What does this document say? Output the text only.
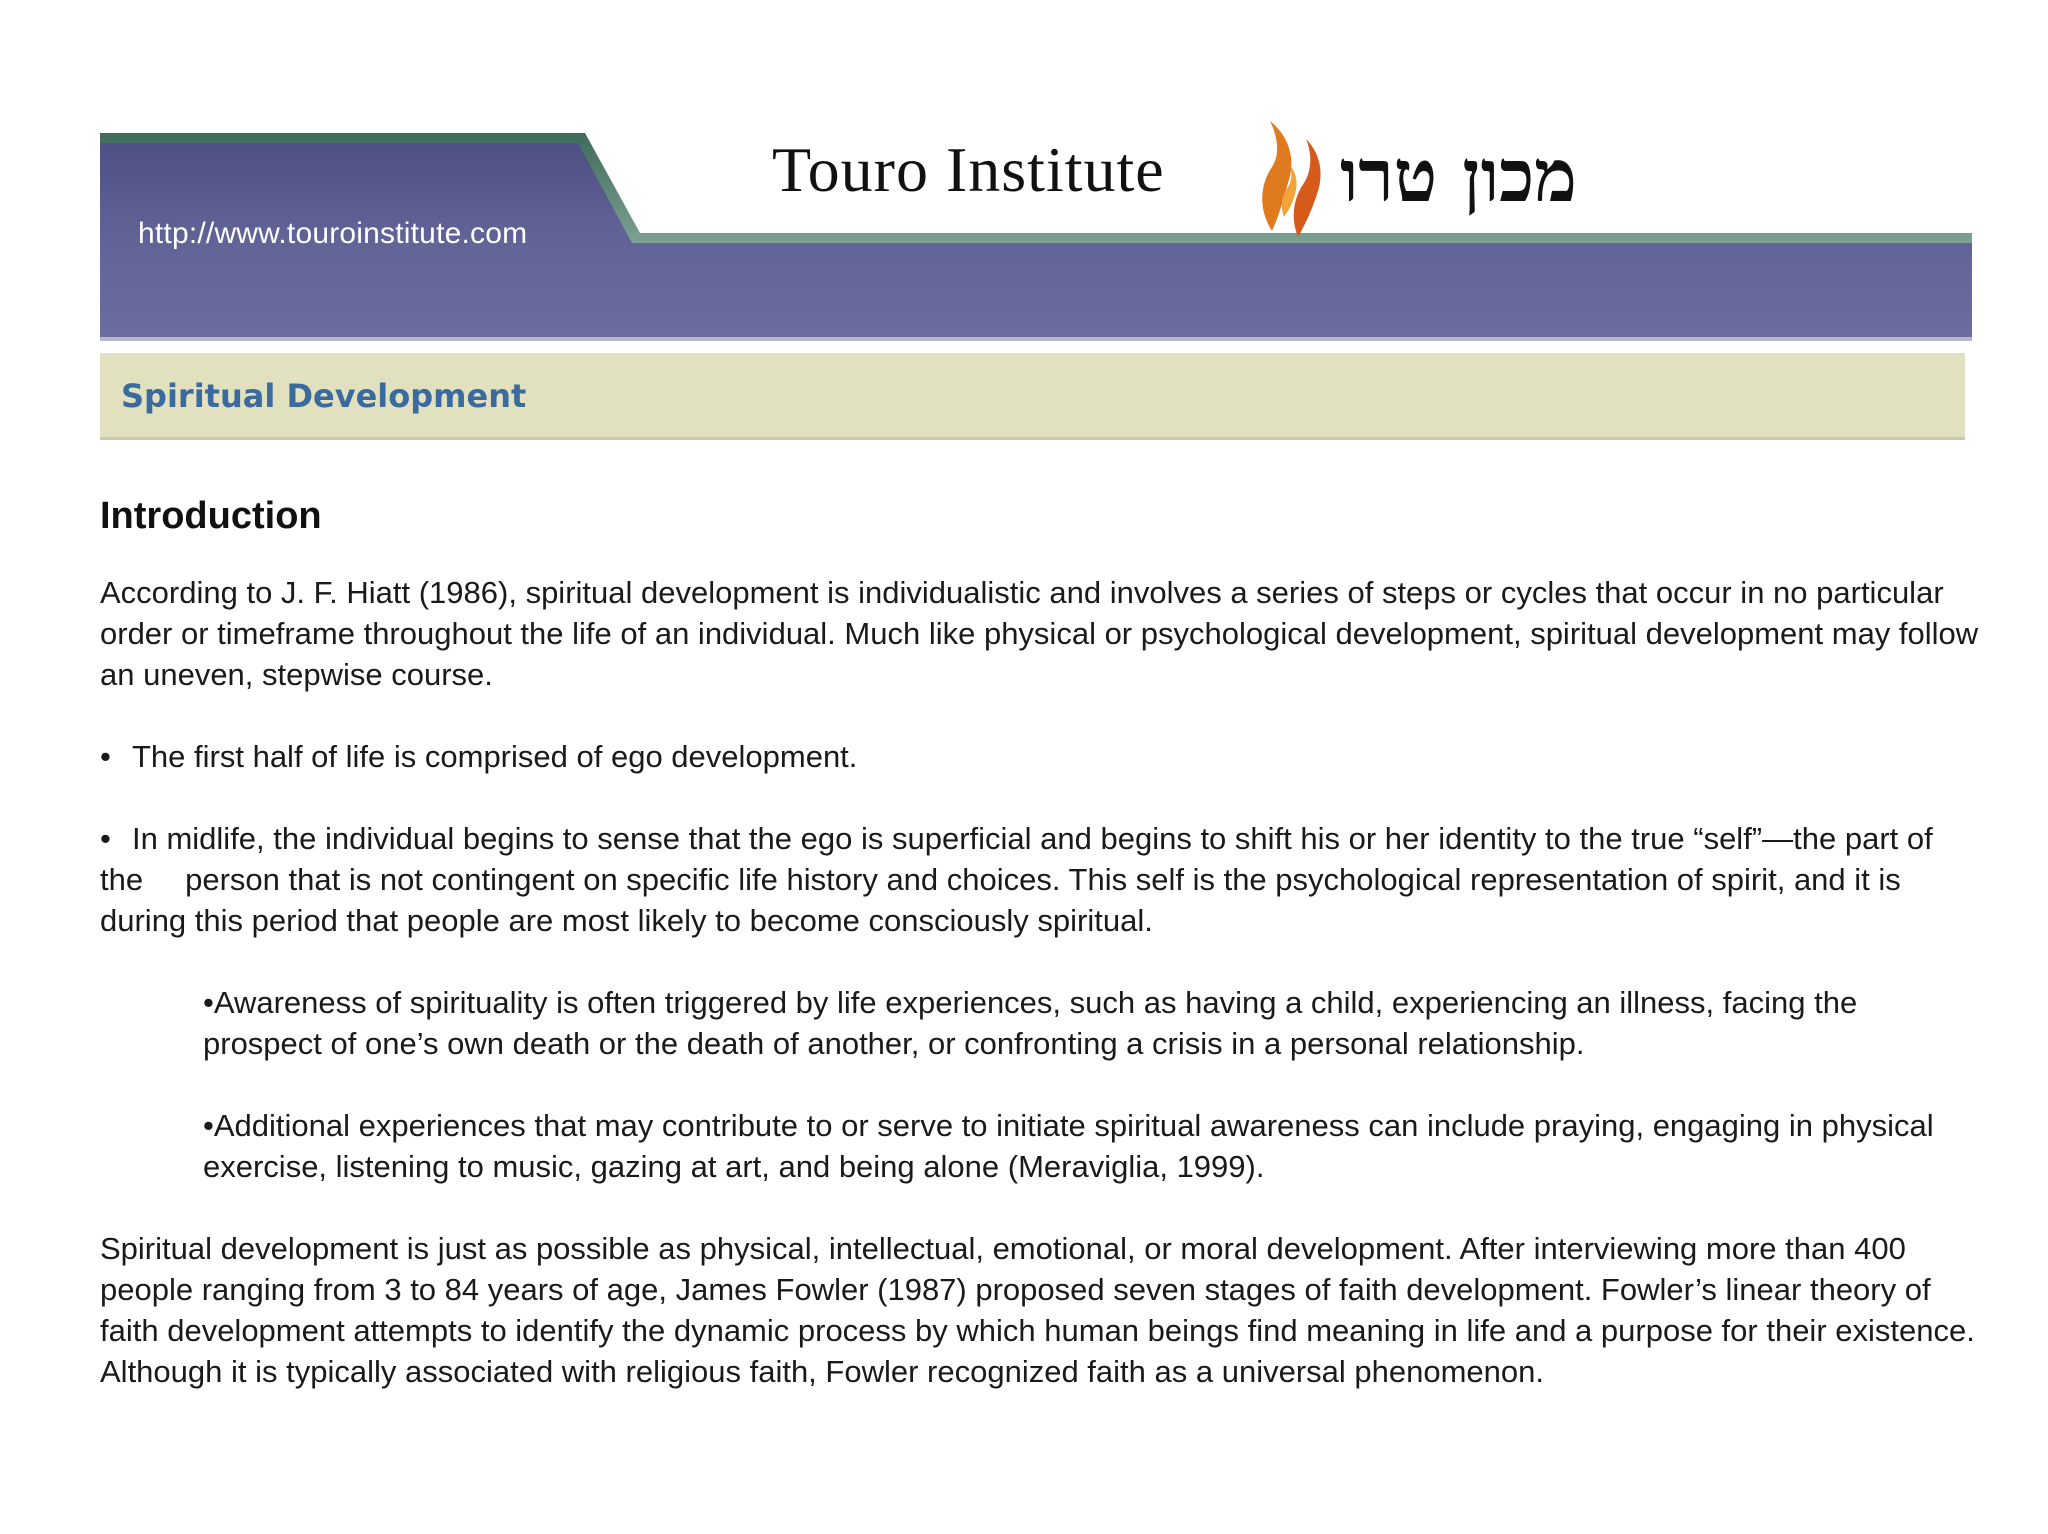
http://www.touroinstitute.com
Touro Institute מכון טרו
Spiritual Development
Introduction

According to J. F. Hiatt (1986), spiritual development is individualistic and involves a series of steps or cycles that occur in no particular order or timeframe throughout the life of an individual. Much like physical or psychological development, spiritual development may follow an uneven, stepwise course.

• The first half of life is comprised of ego development.

• In midlife, the individual begins to sense that the ego is superficial and begins to shift his or her identity to the true “self”—the part of the person that is not contingent on specific life history and choices. This self is the psychological representation of spirit, and it is during this period that people are most likely to become consciously spiritual.

•Awareness of spirituality is often triggered by life experiences, such as having a child, experiencing an illness, facing the prospect of one’s own death or the death of another, or confronting a crisis in a personal relationship.

•Additional experiences that may contribute to or serve to initiate spiritual awareness can include praying, engaging in physical exercise, listening to music, gazing at art, and being alone (Meraviglia, 1999).

Spiritual development is just as possible as physical, intellectual, emotional, or moral development. After interviewing more than 400 people ranging from 3 to 84 years of age, James Fowler (1987) proposed seven stages of faith development. Fowler’s linear theory of faith development attempts to identify the dynamic process by which human beings find meaning in life and a purpose for their existence. Although it is typically associated with religious faith, Fowler recognized faith as a universal phenomenon.
